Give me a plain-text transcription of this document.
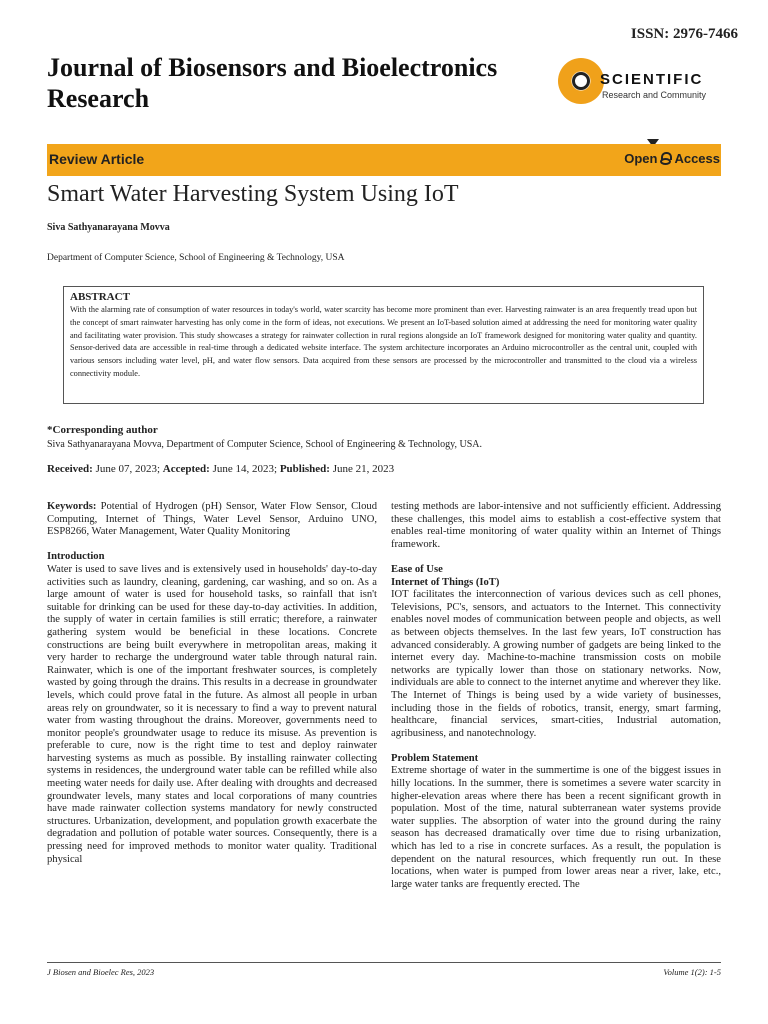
ISSN: 2976-7466
Journal of Biosensors and Bioelectronics Research
SCIENTIFIC
Research and Community
Review Article	Open Access
Smart Water Harvesting System Using IoT
Siva Sathyanarayana Movva
Department of Computer Science, School of Engineering & Technology, USA
ABSTRACT
With the alarming rate of consumption of water resources in today's world, water scarcity has become more prominent than ever. Harvesting rainwater is an area frequently tread upon but the concept of smart rainwater harvesting has only come in the form of ideas, not executions. We present an IoT-based solution aimed at addressing the need for monitoring water quality and facilitating water provision. This study showcases a strategy for rainwater collection in rural regions alongside an IoT framework designed for monitoring water quality and quantity. Sensor-derived data are accessible in real-time through a dedicated website interface. The system architecture incorporates an Arduino microcontroller as the central unit, coupled with various sensors including water level, pH, and water flow sensors. Data acquired from these sensors are processed by the microcontroller and transmitted to the cloud via a wireless connectivity module.
*Corresponding author
Siva Sathyanarayana Movva, Department of Computer Science, School of Engineering & Technology, USA.
Received: June 07, 2023; Accepted: June 14, 2023; Published: June 21, 2023

Keywords: Potential of Hydrogen (pH) Sensor, Water Flow Sensor, Cloud Computing, Internet of Things, Water Level Sensor, Arduino UNO, ESP8266, Water Management, Water Quality Monitoring

Introduction

Water is used to save lives and is extensively used in households' day-to-day activities such as laundry, cleaning, gardening, car washing, and so on. As a large amount of water is used for household tasks, so rainfall that isn't suitable for drinking can be used for these day-to-day activities. In addition, the supply of water in certain families is still erratic; therefore, a rainwater gathering system would be beneficial in these locations. Concrete constructions are being built everywhere in metropolitan areas, making it very harder to recharge the underground water table through natural rain. Rainwater, which is one of the important freshwater sources, is completely wasted by going through the drains. This results in a decrease in groundwater levels, which could prove fatal in the future. As almost all people in urban areas rely on groundwater, so it is necessary to find a way to prevent natural water from wasting throughout the drains. Moreover, governments need to monitor people's groundwater usage to reduce its misuse. As prevention is preferable to cure, now is the right time to test and deploy rainwater harvesting systems as much as possible. By installing rainwater collecting systems in residences, the underground water table can be refilled while also meeting water needs for daily use. After dealing with droughts and decreased groundwater levels, many states and local corporations of many countries have made rainwater collection systems mandatory for newly constructed structures. Urbanization, development, and population growth exacerbate the degradation and pollution of potable water sources. Consequently, there is a pressing need for improved methods to monitor water quality. Traditional physical

testing methods are labor-intensive and not sufficiently efficient. Addressing these challenges, this model aims to establish a cost-effective system that enables real-time monitoring of water quality within an Internet of Things framework.

Ease of Use

Internet of Things (IoT)

IOT facilitates the interconnection of various devices such as cell phones, Televisions, PC's, sensors, and actuators to the Internet. This connectivity enables novel modes of communication between people and objects, as well as between objects themselves. In the last few years, IoT construction has advanced considerably. A growing number of gadgets are being linked to the internet every day. Machine-to-machine transmission costs on mobile networks are typically lower than those on stationary networks. Now, individuals are able to connect to the internet anytime and wherever they like. The Internet of Things is being used by a wide variety of businesses, including those in the fields of robotics, transit, energy, smart farming, healthcare, financial services, smart-cities, Industrial automation, agribusiness, and nanotechnology.

Problem Statement

Extreme shortage of water in the summertime is one of the biggest issues in hilly locations. In the summer, there is sometimes a severe water scarcity in higher-elevation areas where there has been a recent significant growth in population. Most of the time, natural subterranean water systems provide water supplies. The absorption of water into the ground during the rainy season has decreased dramatically over time due to rising urbanization, which has led to a rise in concrete surfaces. As a result, the population is dependent on the natural resources, which frequently run out. In these locations, when water is pumped from lower areas near a river, lake, etc., large water tanks are frequently erected. The

J Biosen and Bioelec Res, 2023	Volume 1(2): 1-5
